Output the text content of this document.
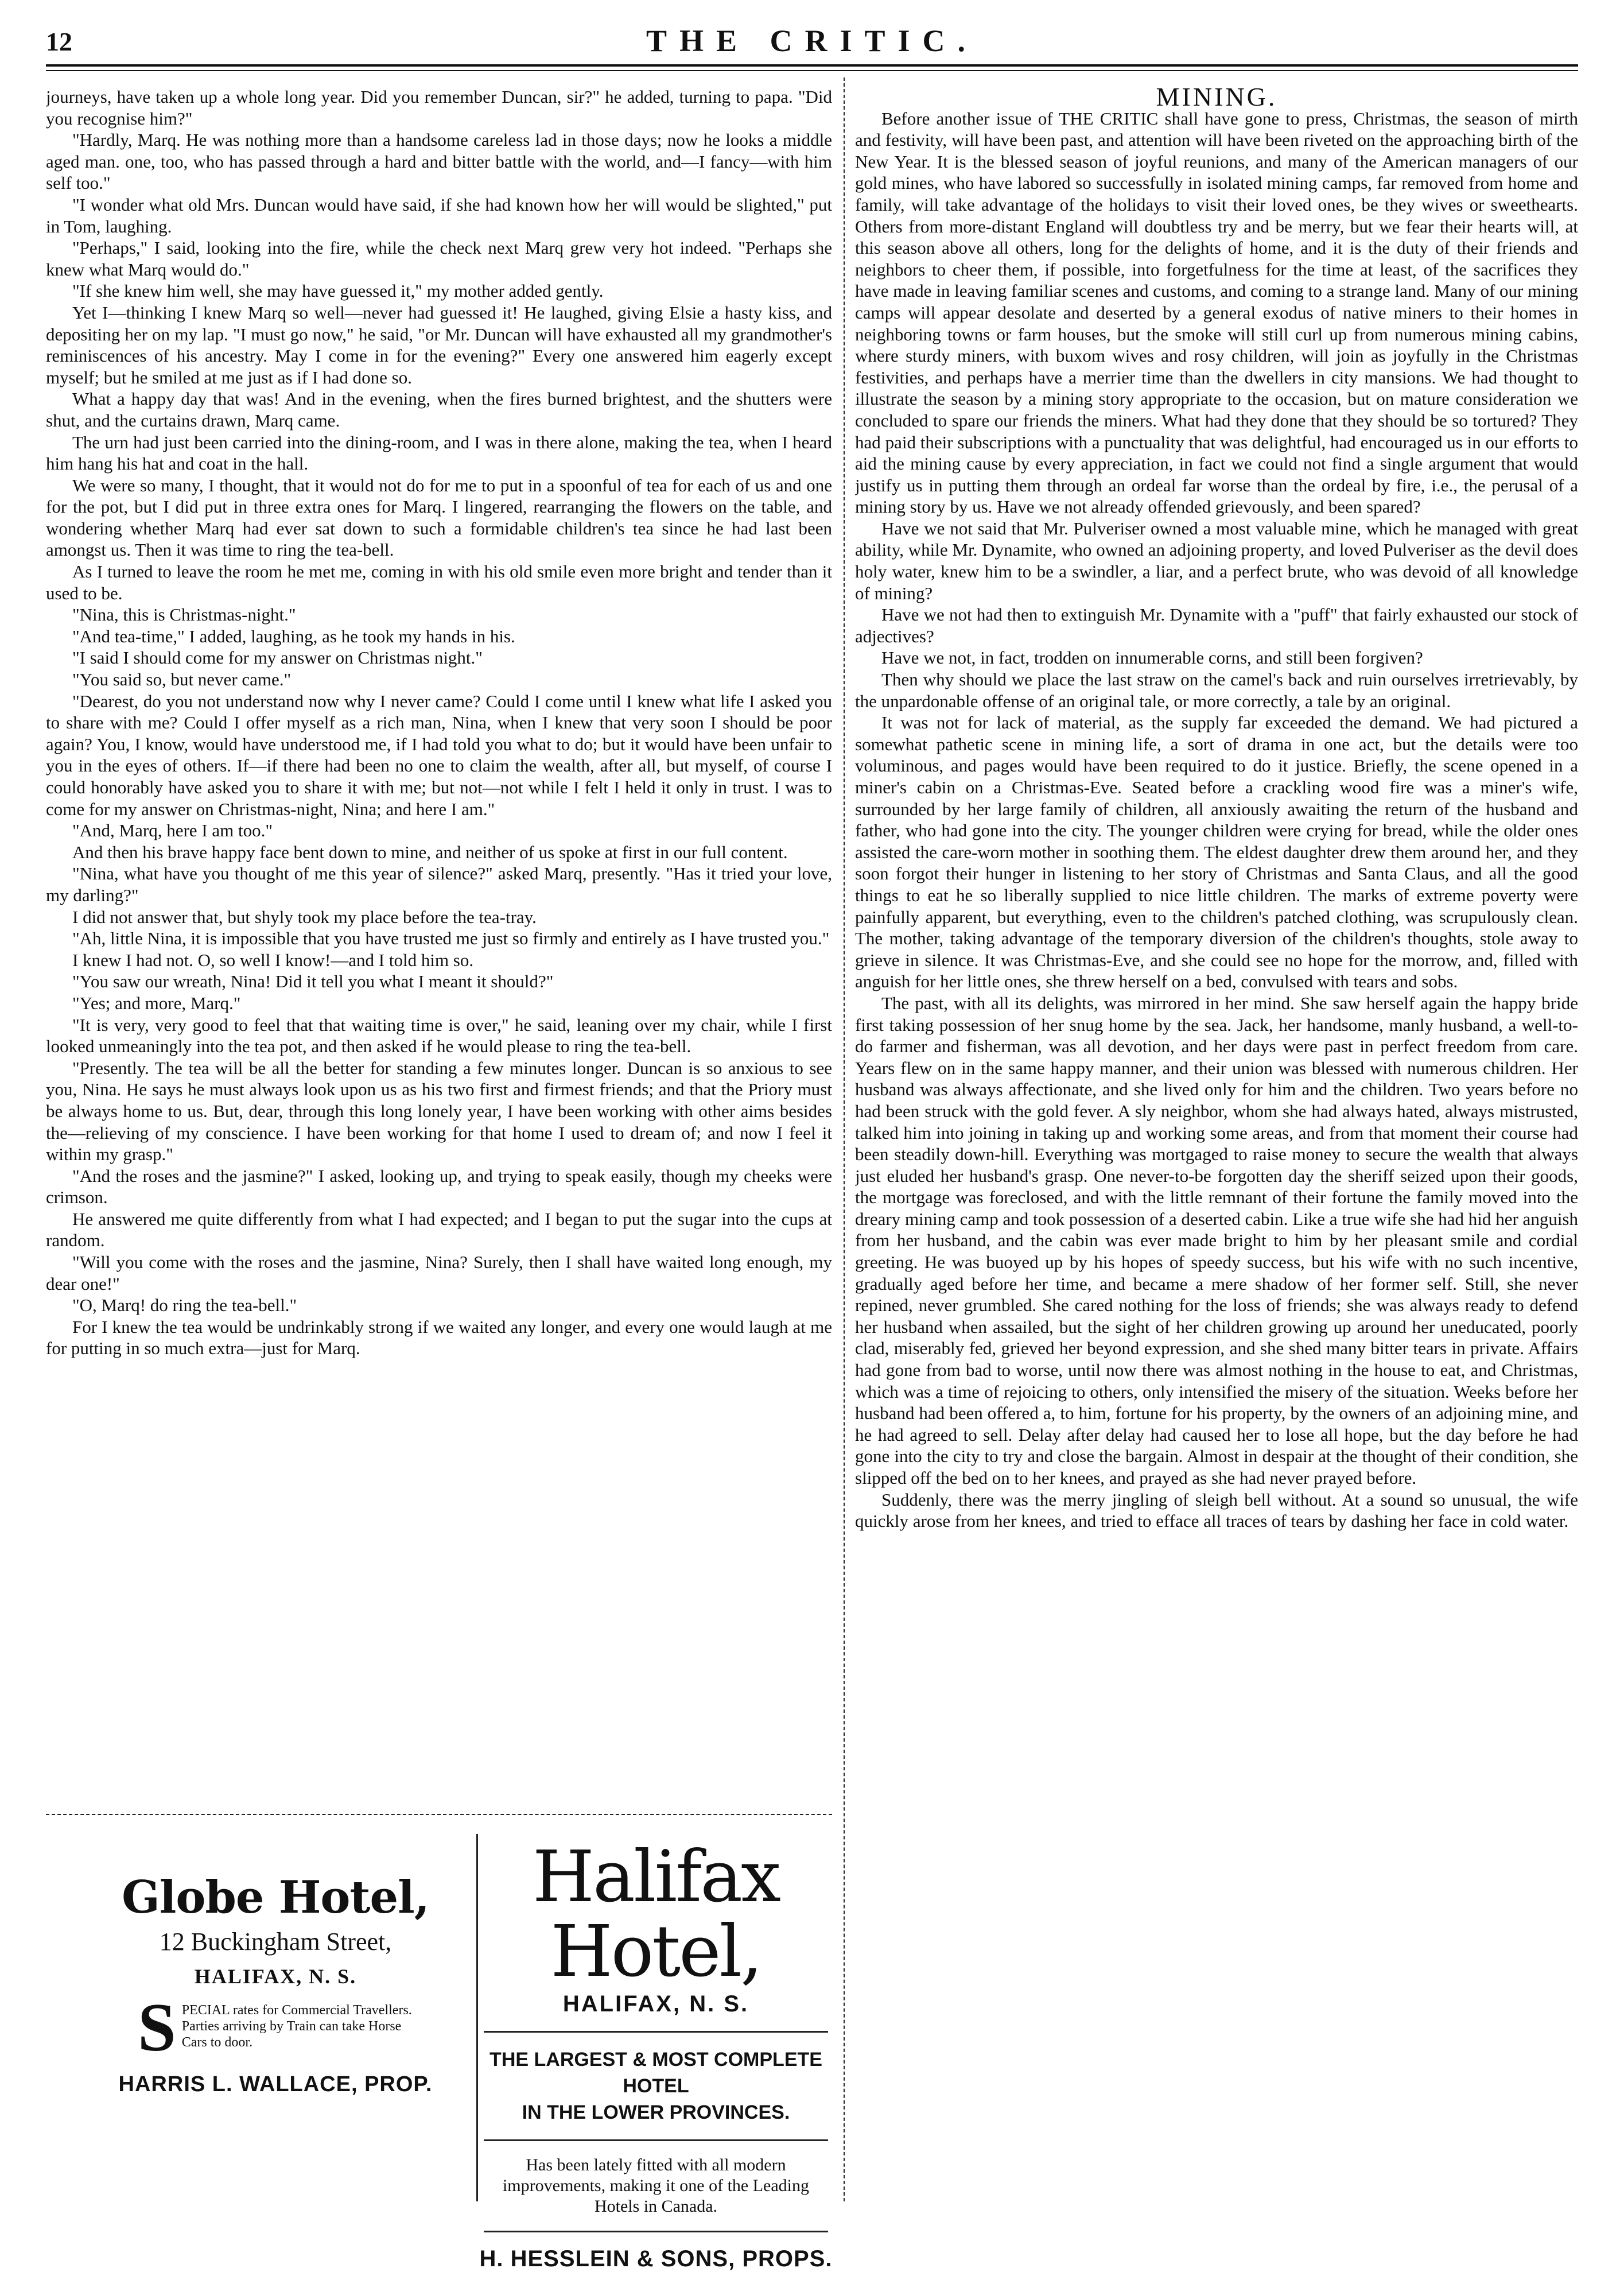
12	THE CRITIC.

journeys, have taken up a whole long year. Did you remember Duncan, sir?" he added, turning to papa. "Did you recognise him?"

"Hardly, Marq. He was nothing more than a handsome careless lad in those days; now he looks a middle aged man. one, too, who has passed through a hard and bitter battle with the world, and—I fancy—with him self too."

"I wonder what old Mrs. Duncan would have said, if she had known how her will would be slighted," put in Tom, laughing.

"Perhaps," I said, looking into the fire, while the check next Marq grew very hot indeed. "Perhaps she knew what Marq would do."

"If she knew him well, she may have guessed it," my mother added gently.

Yet I—thinking I knew Marq so well—never had guessed it! He laughed, giving Elsie a hasty kiss, and depositing her on my lap. "I must go now," he said, "or Mr. Duncan will have exhausted all my grandmother's reminiscences of his ancestry. May I come in for the evening?" Every one answered him eagerly except myself; but he smiled at me just as if I had done so.

What a happy day that was! And in the evening, when the fires burned brightest, and the shutters were shut, and the curtains drawn, Marq came.

The urn had just been carried into the dining-room, and I was in there alone, making the tea, when I heard him hang his hat and coat in the hall.

We were so many, I thought, that it would not do for me to put in a spoonful of tea for each of us and one for the pot, but I did put in three extra ones for Marq. I lingered, rearranging the flowers on the table, and wondering whether Marq had ever sat down to such a formidable children's tea since he had last been amongst us. Then it was time to ring the tea-bell.

As I turned to leave the room he met me, coming in with his old smile even more bright and tender than it used to be.

"Nina, this is Christmas-night."

"And tea-time," I added, laughing, as he took my hands in his.

"I said I should come for my answer on Christmas night."

"You said so, but never came."

"Dearest, do you not understand now why I never came? Could I come until I knew what life I asked you to share with me? Could I offer myself as a rich man, Nina, when I knew that very soon I should be poor again? You, I know, would have understood me, if I had told you what to do; but it would have been unfair to you in the eyes of others. If—if there had been no one to claim the wealth, after all, but myself, of course I could honorably have asked you to share it with me; but not—not while I felt I held it only in trust. I was to come for my answer on Christmas-night, Nina; and here I am."

"And, Marq, here I am too."

And then his brave happy face bent down to mine, and neither of us spoke at first in our full content.

"Nina, what have you thought of me this year of silence?" asked Marq, presently. "Has it tried your love, my darling?"

I did not answer that, but shyly took my place before the tea-tray.

"Ah, little Nina, it is impossible that you have trusted me just so firmly and entirely as I have trusted you."

I knew I had not. O, so well I know!—and I told him so.

"You saw our wreath, Nina! Did it tell you what I meant it should?"

"Yes; and more, Marq."

"It is very, very good to feel that that waiting time is over," he said, leaning over my chair, while I first looked unmeaningly into the tea pot, and then asked if he would please to ring the tea-bell.

"Presently. The tea will be all the better for standing a few minutes longer. Duncan is so anxious to see you, Nina. He says he must always look upon us as his two first and firmest friends; and that the Priory must be always home to us. But, dear, through this long lonely year, I have been working with other aims besides the—relieving of my conscience. I have been working for that home I used to dream of; and now I feel it within my grasp."

"And the roses and the jasmine?" I asked, looking up, and trying to speak easily, though my cheeks were crimson.

He answered me quite differently from what I had expected; and I began to put the sugar into the cups at random.

"Will you come with the roses and the jasmine, Nina? Surely, then I shall have waited long enough, my dear one!"

"O, Marq! do ring the tea-bell."

For I knew the tea would be undrinkably strong if we waited any longer, and every one would laugh at me for putting in so much extra—just for Marq.

Globe Hotel,
12 Buckingham Street,
HALIFAX, N. S.
S PECIAL rates for Commercial Travellers. Parties arriving by Train can take Horse Cars to door.
HARRIS L. WALLACE, PROP.
Halifax Hotel,
HALIFAX, N. S.
THE LARGEST & MOST COMPLETE HOTEL
IN THE LOWER PROVINCES.
Has been lately fitted with all modern improvements, making it one of the Leading Hotels in Canada.
H. HESSLEIN & SONS, PROPS.

MINING.

Before another issue of THE CRITIC shall have gone to press, Christmas, the season of mirth and festivity, will have been past, and attention will have been riveted on the approaching birth of the New Year. It is the blessed season of joyful reunions, and many of the American managers of our gold mines, who have labored so successfully in isolated mining camps, far removed from home and family, will take advantage of the holidays to visit their loved ones, be they wives or sweethearts. Others from more-distant England will doubtless try and be merry, but we fear their hearts will, at this season above all others, long for the delights of home, and it is the duty of their friends and neighbors to cheer them, if possible, into forgetfulness for the time at least, of the sacrifices they have made in leaving familiar scenes and customs, and coming to a strange land. Many of our mining camps will appear desolate and deserted by a general exodus of native miners to their homes in neighboring towns or farm houses, but the smoke will still curl up from numerous mining cabins, where sturdy miners, with buxom wives and rosy children, will join as joyfully in the Christmas festivities, and perhaps have a merrier time than the dwellers in city mansions. We had thought to illustrate the season by a mining story appropriate to the occasion, but on mature consideration we concluded to spare our friends the miners. What had they done that they should be so tortured? They had paid their subscriptions with a punctuality that was delightful, had encouraged us in our efforts to aid the mining cause by every appreciation, in fact we could not find a single argument that would justify us in putting them through an ordeal far worse than the ordeal by fire, i.e., the perusal of a mining story by us. Have we not already offended grievously, and been spared?

Have we not said that Mr. Pulveriser owned a most valuable mine, which he managed with great ability, while Mr. Dynamite, who owned an adjoining property, and loved Pulveriser as the devil does holy water, knew him to be a swindler, a liar, and a perfect brute, who was devoid of all knowledge of mining?

Have we not had then to extinguish Mr. Dynamite with a "puff" that fairly exhausted our stock of adjectives?

Have we not, in fact, trodden on innumerable corns, and still been forgiven?

Then why should we place the last straw on the camel's back and ruin ourselves irretrievably, by the unpardonable offense of an original tale, or more correctly, a tale by an original.

It was not for lack of material, as the supply far exceeded the demand. We had pictured a somewhat pathetic scene in mining life, a sort of drama in one act, but the details were too voluminous, and pages would have been required to do it justice. Briefly, the scene opened in a miner's cabin on a Christmas-Eve. Seated before a crackling wood fire was a miner's wife, surrounded by her large family of children, all anxiously awaiting the return of the husband and father, who had gone into the city. The younger children were crying for bread, while the older ones assisted the care-worn mother in soothing them. The eldest daughter drew them around her, and they soon forgot their hunger in listening to her story of Christmas and Santa Claus, and all the good things to eat he so liberally supplied to nice little children. The marks of extreme poverty were painfully apparent, but everything, even to the children's patched clothing, was scrupulously clean. The mother, taking advantage of the temporary diversion of the children's thoughts, stole away to grieve in silence. It was Christmas-Eve, and she could see no hope for the morrow, and, filled with anguish for her little ones, she threw herself on a bed, convulsed with tears and sobs.

The past, with all its delights, was mirrored in her mind. She saw herself again the happy bride first taking possession of her snug home by the sea. Jack, her handsome, manly husband, a well-to-do farmer and fisherman, was all devotion, and her days were past in perfect freedom from care. Years flew on in the same happy manner, and their union was blessed with numerous children. Her husband was always affectionate, and she lived only for him and the children. Two years before no had been struck with the gold fever. A sly neighbor, whom she had always hated, always mistrusted, talked him into joining in taking up and working some areas, and from that moment their course had been steadily down-hill. Everything was mortgaged to raise money to secure the wealth that always just eluded her husband's grasp. One never-to-be forgotten day the sheriff seized upon their goods, the mortgage was foreclosed, and with the little remnant of their fortune the family moved into the dreary mining camp and took possession of a deserted cabin. Like a true wife she had hid her anguish from her husband, and the cabin was ever made bright to him by her pleasant smile and cordial greeting. He was buoyed up by his hopes of speedy success, but his wife with no such incentive, gradually aged before her time, and became a mere shadow of her former self. Still, she never repined, never grumbled. She cared nothing for the loss of friends; she was always ready to defend her husband when assailed, but the sight of her children growing up around her uneducated, poorly clad, miserably fed, grieved her beyond expression, and she shed many bitter tears in private. Affairs had gone from bad to worse, until now there was almost nothing in the house to eat, and Christmas, which was a time of rejoicing to others, only intensified the misery of the situation. Weeks before her husband had been offered a, to him, fortune for his property, by the owners of an adjoining mine, and he had agreed to sell. Delay after delay had caused her to lose all hope, but the day before he had gone into the city to try and close the bargain. Almost in despair at the thought of their condition, she slipped off the bed on to her knees, and prayed as she had never prayed before.

Suddenly, there was the merry jingling of sleigh bell without. At a sound so unusual, the wife quickly arose from her knees, and tried to efface all traces of tears by dashing her face in cold water.
